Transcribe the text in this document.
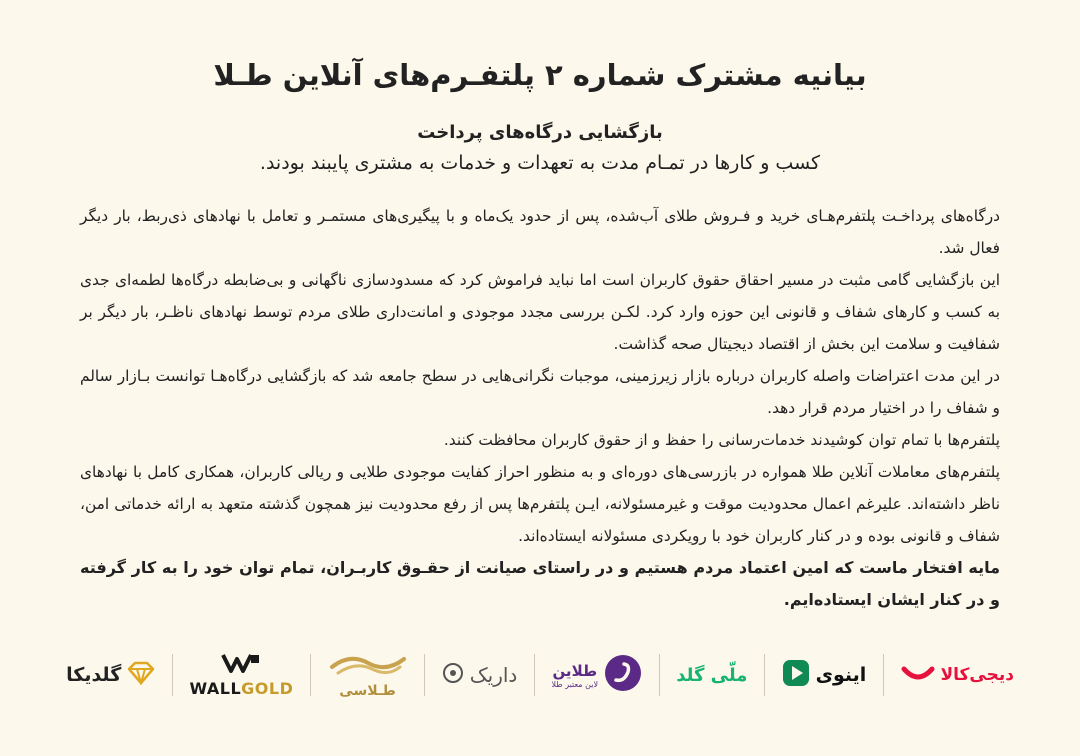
بیانیه مشترک شماره ۲ پلتفـرم‌های آنلاین طـلا
بازگشایی درگاه‌های پرداخت
کسب و کارها در تمـام مدت به تعهدات و خدمات به مشتری پایبند بودند.

درگاه‌های پرداخـت پلتفرم‌هـای خرید و فـروش طلای آب‌شده، پس از حدود یک‌ماه و با پیگیری‌های مستمـر و تعامل با نهادهای ذی‌ربط، بار دیگر فعال شد.

این بازگشایی گامی مثبت در مسیر احقاق حقوق کاربران است اما نباید فراموش کرد که مسدودسازی ناگهانی و بی‌ضابطه درگاه‌ها لطمه‌ای جدی به کسب و کارهای شفاف و قانونی این حوزه وارد کرد. لکـن بررسی مجدد موجودی و امانت‌داری طلای مردم توسط نهادهای ناظـر، بار دیگر بر شفافیت و سلامت این بخش از اقتصاد دیجیتال صحه گذاشت.

در این مدت اعتراضات واصله کاربران درباره بازار زیرزمینی، موجبات نگرانی‌هایی در سطح جامعه شد که بازگشایی درگاه‌هـا توانست بـازار سالم و شفاف را در اختیار مردم قرار دهد.

پلتفرم‌ها با تمام توان کوشیدند خدمات‌رسانی را حفظ و از حقوق کاربران محافظت کنند.

پلتفرم‌های معاملات آنلاین طلا همواره در بازرسی‌های دوره‌ای و به منظور احراز کفایت موجودی طلایی و ریالی کاربران، همکاری کامل با نهادهای ناظر داشته‌اند. علیرغم اعمال محدودیت موقت و غیرمسئولانه، ایـن پلتفرم‌ها پس از رفع محدودیت نیز همچون گذشته متعهد به ارائه خدماتی امن، شفاف و قانونی بوده و در کنار کاربران خود با رویکردی مسئولانه ایستاده‌اند.

مایه افتخار ماست که امین اعتماد مردم هستیم و در راستای صیانت از حقـوق کاربـران، تمام توان خود را به کار گرفته و در کنار ایشان ایستاده‌ایم.

دیجی‌کالا
اینوی
ملّی گلد
طلاین
لاین معتبر طلا
داریک
طـلاسی
WALLGOLD
گلدیکا
